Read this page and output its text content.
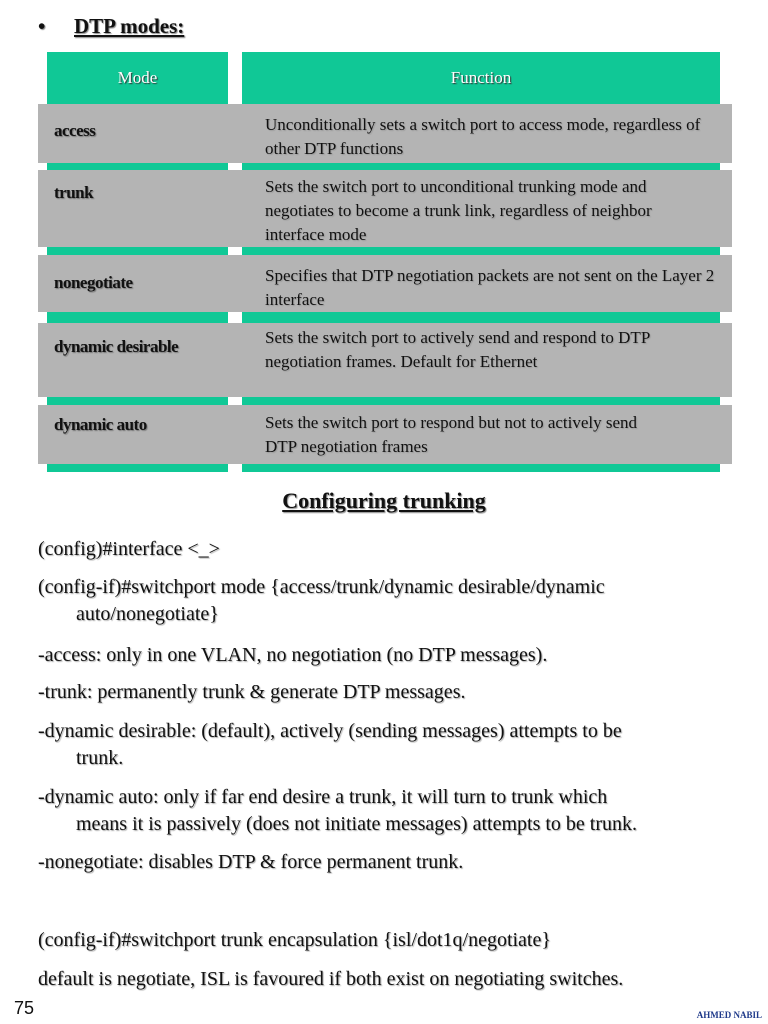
• DTP modes:
Mode	Function
access	Unconditionally sets a switch port to access mode, regardless of other DTP functions
trunk	Sets the switch port to unconditional trunking mode and negotiates to become a trunk link, regardless of neighbor interface mode
nonegotiate	Specifies that DTP negotiation packets are not sent on the Layer 2 interface
dynamic desirable	Sets the switch port to actively send and respond to DTP negotiation frames. Default for Ethernet
dynamic auto	Sets the switch port to respond but not to actively send DTP negotiation frames
Configuring trunking
(config)#interface <_>
(config-if)#switchport mode {access/trunk/dynamic desirable/dynamic
auto/nonegotiate}
-access: only in one VLAN, no negotiation (no DTP messages).
-trunk: permanently trunk & generate DTP messages.
-dynamic desirable: (default), actively (sending messages) attempts to be
trunk.
-dynamic auto: only if far end desire a trunk, it will turn to trunk which
means it is passively (does not initiate messages) attempts to be trunk.
-nonegotiate: disables DTP & force permanent trunk.
(config-if)#switchport trunk encapsulation {isl/dot1q/negotiate}
default is negotiate, ISL is favoured if both exist on negotiating switches.
75	AHMED NABIL
